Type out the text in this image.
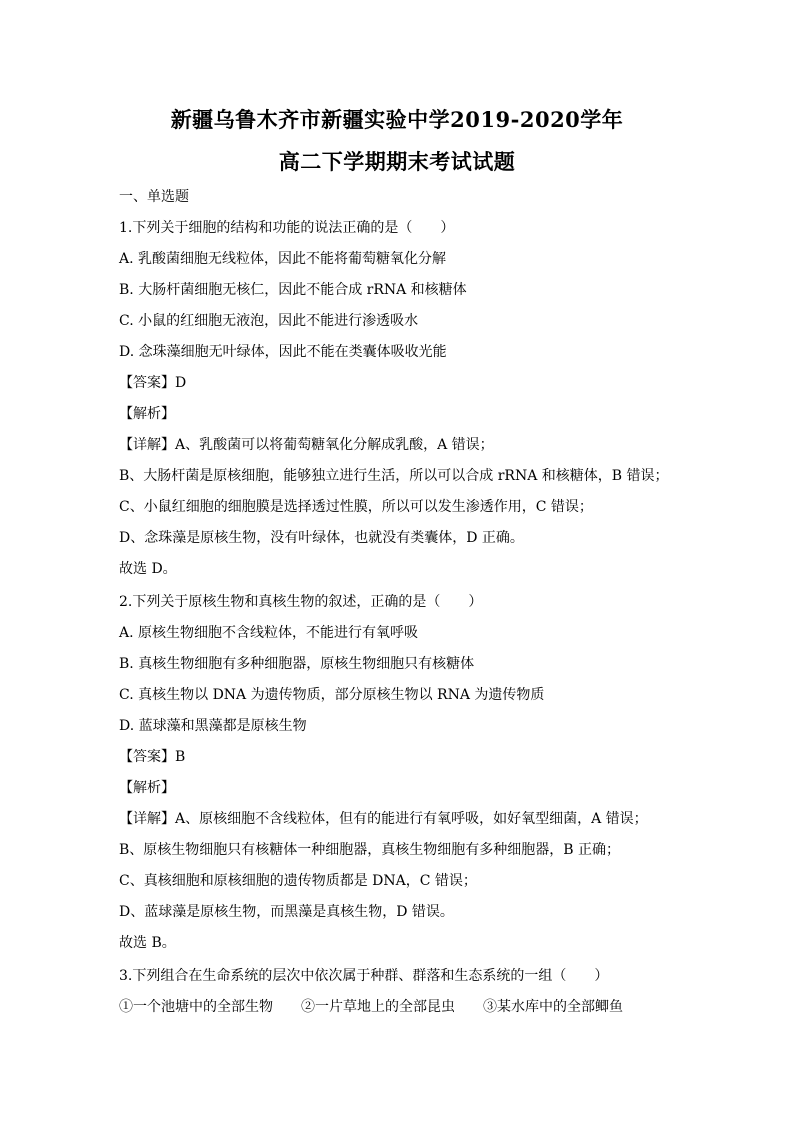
新疆乌鲁木齐市新疆实验中学2019-2020学年
高二下学期期末考试试题
一、单选题
1.下列关于细胞的结构和功能的说法正确的是（　　）
A. 乳酸菌细胞无线粒体，因此不能将葡萄糖氧化分解
B. 大肠杆菌细胞无核仁，因此不能合成 rRNA 和核糖体
C. 小鼠的红细胞无液泡，因此不能进行渗透吸水
D. 念珠藻细胞无叶绿体，因此不能在类囊体吸收光能
【答案】D
【解析】
【详解】A、乳酸菌可以将葡萄糖氧化分解成乳酸，A 错误；
B、大肠杆菌是原核细胞，能够独立进行生活，所以可以合成 rRNA 和核糖体，B 错误；
C、小鼠红细胞的细胞膜是选择透过性膜，所以可以发生渗透作用，C 错误；
D、念珠藻是原核生物，没有叶绿体，也就没有类囊体，D 正确。
故选 D。
2.下列关于原核生物和真核生物的叙述，正确的是（　　）
A. 原核生物细胞不含线粒体，不能进行有氧呼吸
B. 真核生物细胞有多种细胞器，原核生物细胞只有核糖体
C. 真核生物以 DNA 为遗传物质，部分原核生物以 RNA 为遗传物质
D. 蓝球藻和黑藻都是原核生物
【答案】B
【解析】
【详解】A、原核细胞不含线粒体，但有的能进行有氧呼吸，如好氧型细菌，A 错误；
B、原核生物细胞只有核糖体一种细胞器，真核生物细胞有多种细胞器，B 正确；
C、真核细胞和原核细胞的遗传物质都是 DNA，C 错误；
D、蓝球藻是原核生物，而黑藻是真核生物，D 错误。
故选 B。
3.下列组合在生命系统的层次中依次属于种群、群落和生态系统的一组（　　）
①一个池塘中的全部生物　　②一片草地上的全部昆虫　　③某水库中的全部鲫鱼
